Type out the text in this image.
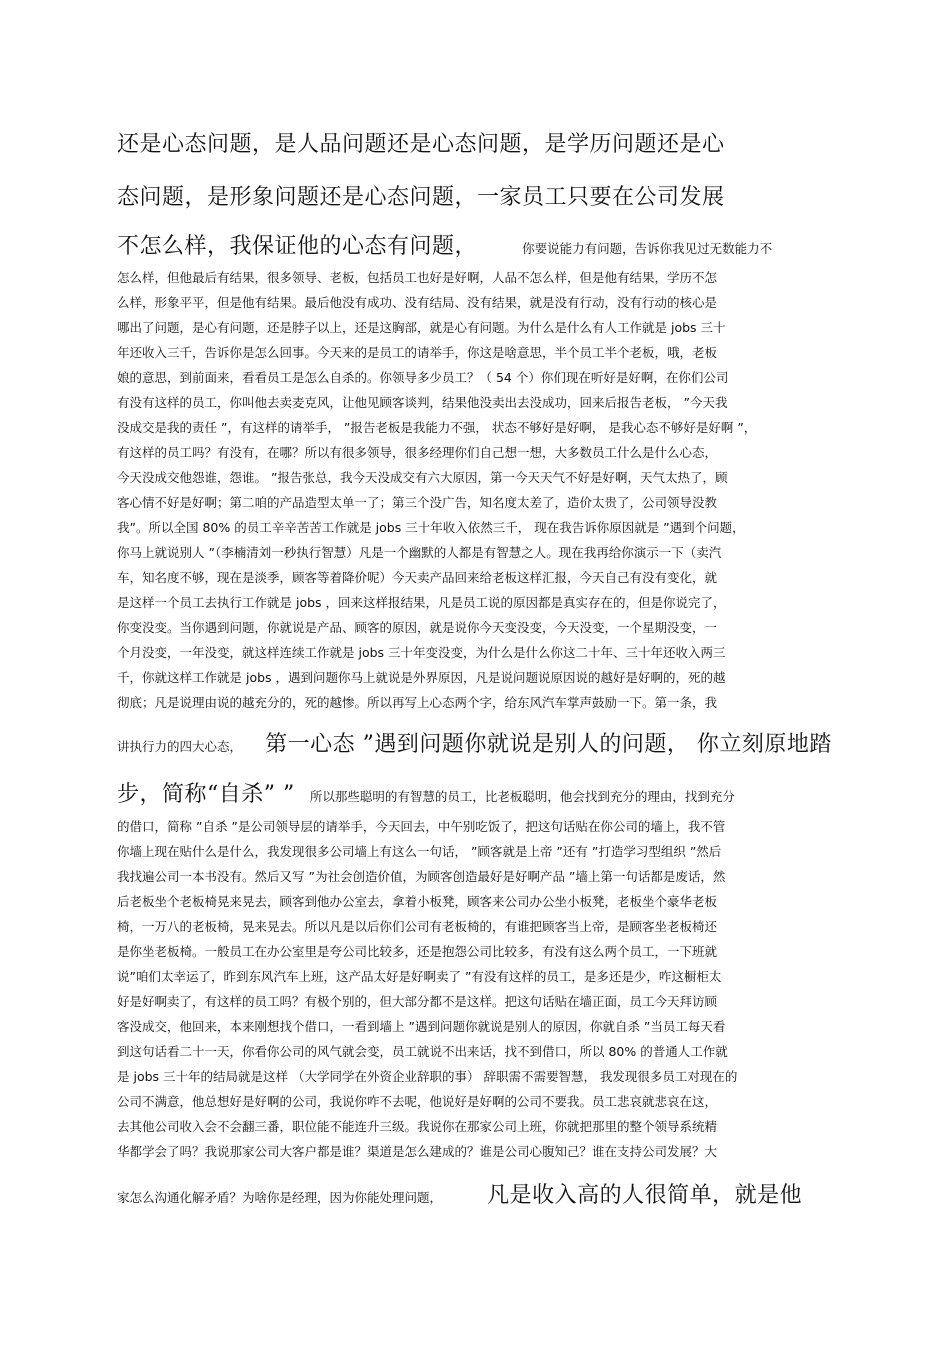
还是心态问题，是人品问题还是心态问题，是学历问题还是心
态问题，是形象问题还是心态问题，一家员工只要在公司发展
不怎么样，我保证他的心态有问题，	你要说能力有问题，告诉你我见过无数能力不
怎么样，但他最后有结果，很多领导、老板，包括员工也好是好啊，人品不怎么样，但是他有结果，学历不怎
么样，形象平平，但是他有结果。最后他没有成功、没有结局、没有结果，就是没有行动，没有行动的核心是
哪出了问题，是心有问题，还是脖子以上，还是这胸部，就是心有问题。为什么是什么有人工作就是 jobs 三十
年还收入三千，告诉你是怎么回事。今天来的是员工的请举手，你这是啥意思，半个员工半个老板，哦，老板
娘的意思，到前面来，看看员工是怎么自杀的。你领导多少员工？（ 54 个）你们现在听好是好啊，在你们公司
有没有这样的员工，你叫他去卖麦克风，让他见顾客谈判，结果他没卖出去没成功，回来后报告老板， ”今天我
没成交是我的责任 ”，有这样的请举手， ”报告老板是我能力不强， 状态不够好是好啊， 是我心态不够好是好啊 ”，
有这样的员工吗？有没有，在哪？所以有很多领导，很多经理你们自己想一想，大多数员工什么是什么心态，
今天没成交他怨谁，怨谁。 ”报告张总，我今天没成交有六大原因，第一今天天气不好是好啊，天气太热了，顾
客心情不好是好啊；第二咱的产品造型太单一了；第三个没广告，知名度太差了，造价太贵了，公司领导没教
我”。所以全国 80% 的员工辛辛苦苦工作就是 jobs 三十年收入依然三千， 现在我告诉你原因就是 ”遇到个问题，
你马上就说别人 ”（李楠清刘一秒执行智慧）凡是一个幽默的人都是有智慧之人。现在我再给你演示一下（卖汽
车，知名度不够，现在是淡季，顾客等着降价呢）今天卖产品回来给老板这样汇报，今天自己有没有变化，就
是这样一个员工去执行工作就是 jobs ，回来这样报结果，凡是员工说的原因都是真实存在的，但是你说完了，
你变没变。当你遇到问题，你就说是产品、顾客的原因，就是说你今天变没变，今天没变，一个星期没变，一
个月没变，一年没变，就这样连续工作就是 jobs 三十年变没变，为什么是什么你这二十年、三十年还收入两三
千，你就这样工作就是 jobs ，遇到问题你马上就说是外界原因，凡是说问题说原因说的越好是好啊的，死的越
彻底；凡是说理由说的越充分的，死的越惨。所以再写上心态两个字，给东风汽车掌声鼓励一下。第一条，我
讲执行力的四大心态， 第一心态 ”遇到问题你就说是别人的问题， 你立刻原地踏
步，简称“自杀” ” 所以那些聪明的有智慧的员工，比老板聪明，他会找到充分的理由，找到充分
的借口，简称 ”自杀 ”是公司领导层的请举手，今天回去，中午别吃饭了，把这句话贴在你公司的墙上，我不管
你墙上现在贴什么是什么，我发现很多公司墙上有这么一句话， ”顾客就是上帝 ”还有 ”打造学习型组织 ”然后
我找遍公司一本书没有。然后又写 ”为社会创造价值，为顾客创造最好是好啊产品 ”墙上第一句话都是废话，然
后老板坐个老板椅晃来晃去，顾客到他办公室去，拿着小板凳，顾客来公司办公坐小板凳，老板坐个豪华老板
椅，一万八的老板椅，晃来晃去。所以凡是以后你们公司有老板椅的，有谁把顾客当上帝，是顾客坐老板椅还
是你坐老板椅。一般员工在办公室里是夸公司比较多，还是抱怨公司比较多，有没有这么两个员工，一下班就
说”咱们太幸运了，昨到东风汽车上班，这产品太好是好啊卖了 ”有没有这样的员工，是多还是少，咋这橱柜太
好是好啊卖了，有这样的员工吗？有极个别的，但大部分都不是这样。把这句话贴在墙正面，员工今天拜访顾
客没成交，他回来，本来刚想找个借口，一看到墙上 ”遇到问题你就说是别人的原因，你就自杀 ”当员工每天看
到这句话看二十一天，你看你公司的风气就会变，员工就说不出来话，找不到借口，所以 80% 的普通人工作就
是 jobs 三十年的结局就是这样 （大学同学在外资企业辞职的事） 辞职需不需要智慧， 我发现很多员工对现在的
公司不满意，他总想好是好啊的公司，我说你咋不去呢，他说好是好啊的公司不要我。员工悲哀就悲哀在这，
去其他公司收入会不会翻三番，职位能不能连升三级。我说你在那家公司上班，你就把那里的整个领导系统精
华都学会了吗？我说那家公司大客户都是谁？渠道是怎么建成的？谁是公司心腹知己？谁在支持公司发展？大
家怎么沟通化解矛盾？为啥你是经理，因为你能处理问题， 凡是收入高的人很简单，就是他
